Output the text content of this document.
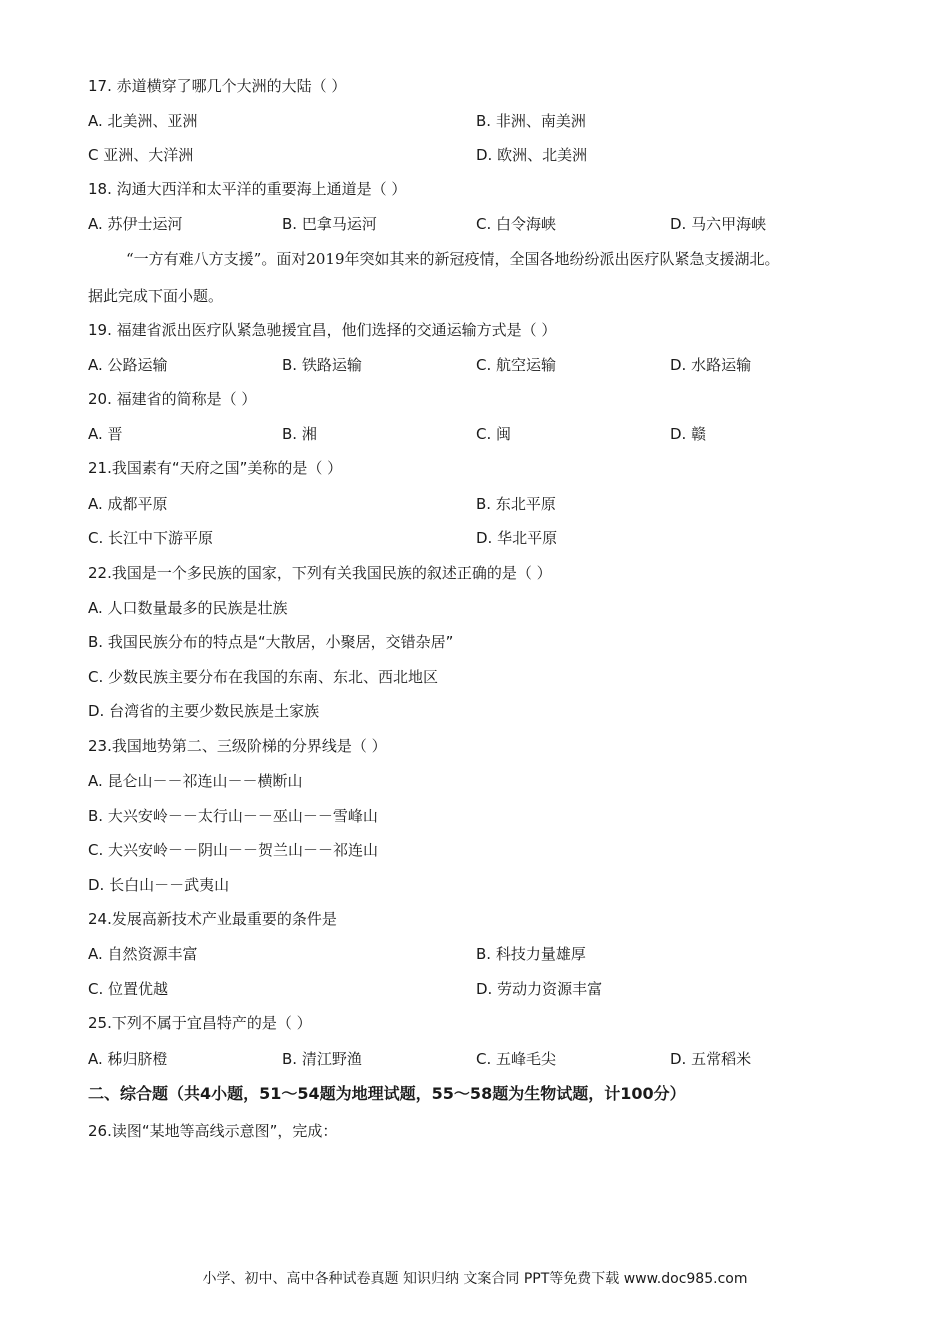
17. 赤道横穿了哪几个大洲的大陆（ ）
A. 北美洲、亚洲	B. 非洲、南美洲
C 亚洲、大洋洲	D. 欧洲、北美洲
18. 沟通大西洋和太平洋的重要海上通道是（ ）
A. 苏伊士运河	B. 巴拿马运河	C. 白令海峡	D. 马六甲海峡
“一方有难八方支援”。面对2019年突如其来的新冠疫情，全国各地纷纷派出医疗队紧急支援湖北。
据此完成下面小题。
19. 福建省派出医疗队紧急驰援宜昌，他们选择的交通运输方式是（ ）
A. 公路运输	B. 铁路运输	C. 航空运输	D. 水路运输
20. 福建省的简称是（ ）
A. 晋	B. 湘	C. 闽	D. 赣
21.我国素有“天府之国”美称的是（ ）
A. 成都平原	B. 东北平原
C. 长江中下游平原	D. 华北平原
22.我国是一个多民族的国家，下列有关我国民族的叙述正确的是（ ）
A. 人口数量最多的民族是壮族
B. 我国民族分布的特点是“大散居，小聚居，交错杂居”
C. 少数民族主要分布在我国的东南、东北、西北地区
D. 台湾省的主要少数民族是土家族
23.我国地势第二、三级阶梯的分界线是（ ）
A. 昆仑山－－祁连山－－横断山
B. 大兴安岭－－太行山－－巫山－－雪峰山
C. 大兴安岭－－阴山－－贺兰山－－祁连山
D. 长白山－－武夷山
24.发展高新技术产业最重要的条件是
A. 自然资源丰富	B. 科技力量雄厚
C. 位置优越	D. 劳动力资源丰富
25.下列不属于宜昌特产的是（ ）
A. 秭归脐橙	B. 清江野渔	C. 五峰毛尖	D. 五常稻米
二、综合题（共4小题，51～54题为地理试题，55～58题为生物试题，计100分）
26.读图“某地等高线示意图”，完成：
小学、初中、高中各种试卷真题 知识归纳 文案合同 PPT等免费下载 www.doc985.com
